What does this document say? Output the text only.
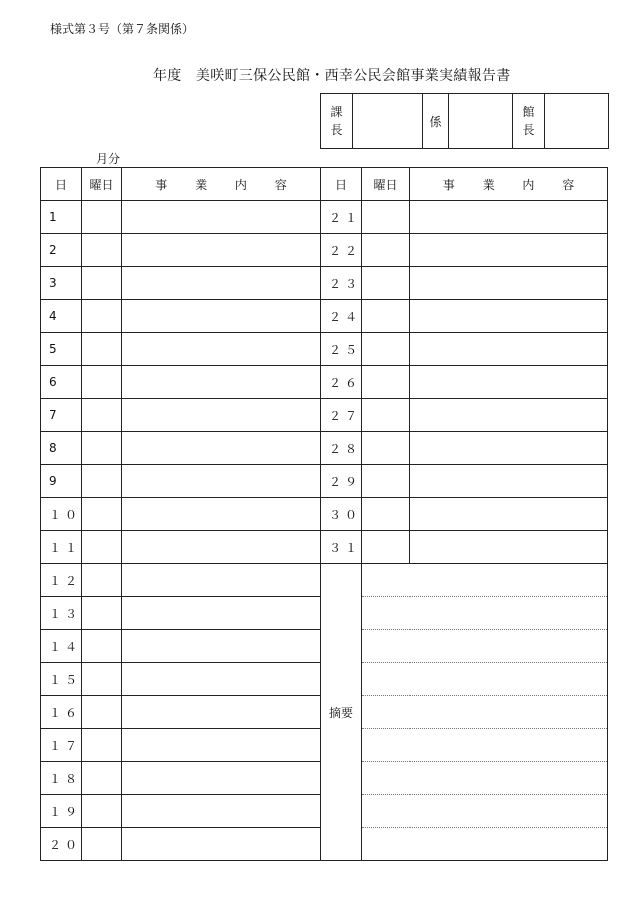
様式第３号（第７条関係）
年度　美咲町三保公民館・西幸公民会館事業実績報告書
課
長		係		館
長	
月分
日	曜日	事 業 内 容	日	曜日	事 業 内 容
1			２１		
2			２２		
3			２３		
4			２４		
5			２５		
6			２６		
7			２７		
8			２８		
9			２９		
１０			３０		
１１			３１		
１２			摘要		
１３					
１４					
１５					
１６					
１７					
１８					
１９					
２０					
